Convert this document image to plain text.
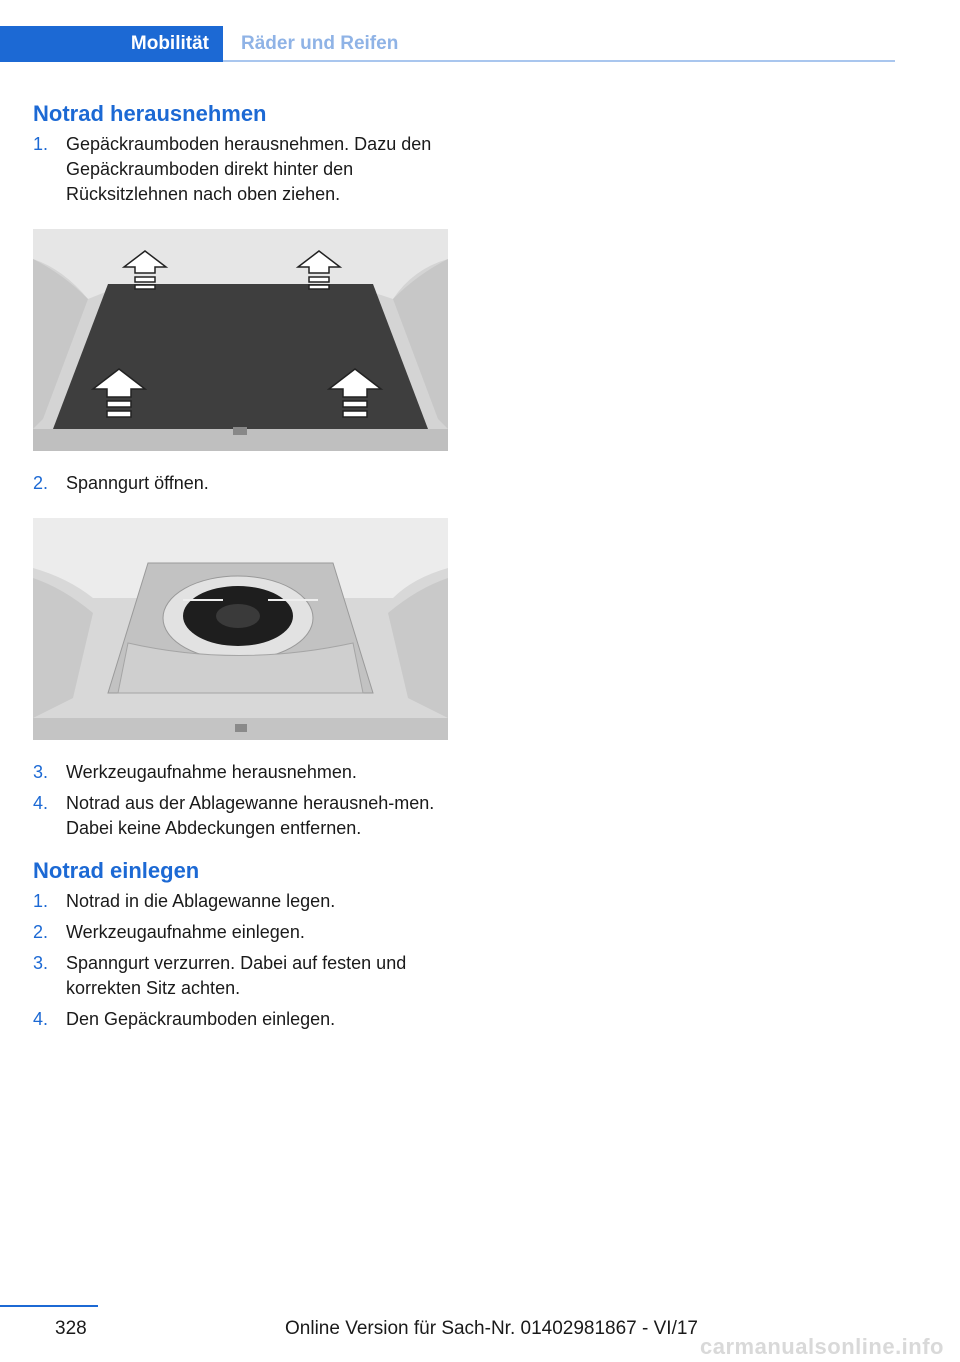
Mobilität	Räder und Reifen
Notrad herausnehmen
1. Gepäckraumboden herausnehmen. Dazu den Gepäckraumboden direkt hinter den Rücksitzlehnen nach oben ziehen.
2. Spanngurt öffnen.
3. Werkzeugaufnahme herausnehmen.
4. Notrad aus der Ablagewanne herausneh‐men. Dabei keine Abdeckungen entfernen.
Notrad einlegen
1. Notrad in die Ablagewanne legen.
2. Werkzeugaufnahme einlegen.
3. Spanngurt verzurren. Dabei auf festen und korrekten Sitz achten.
4. Den Gepäckraumboden einlegen.
328	Online Version für Sach-Nr. 01402981867 - VI/17
carmanualsonline.info
